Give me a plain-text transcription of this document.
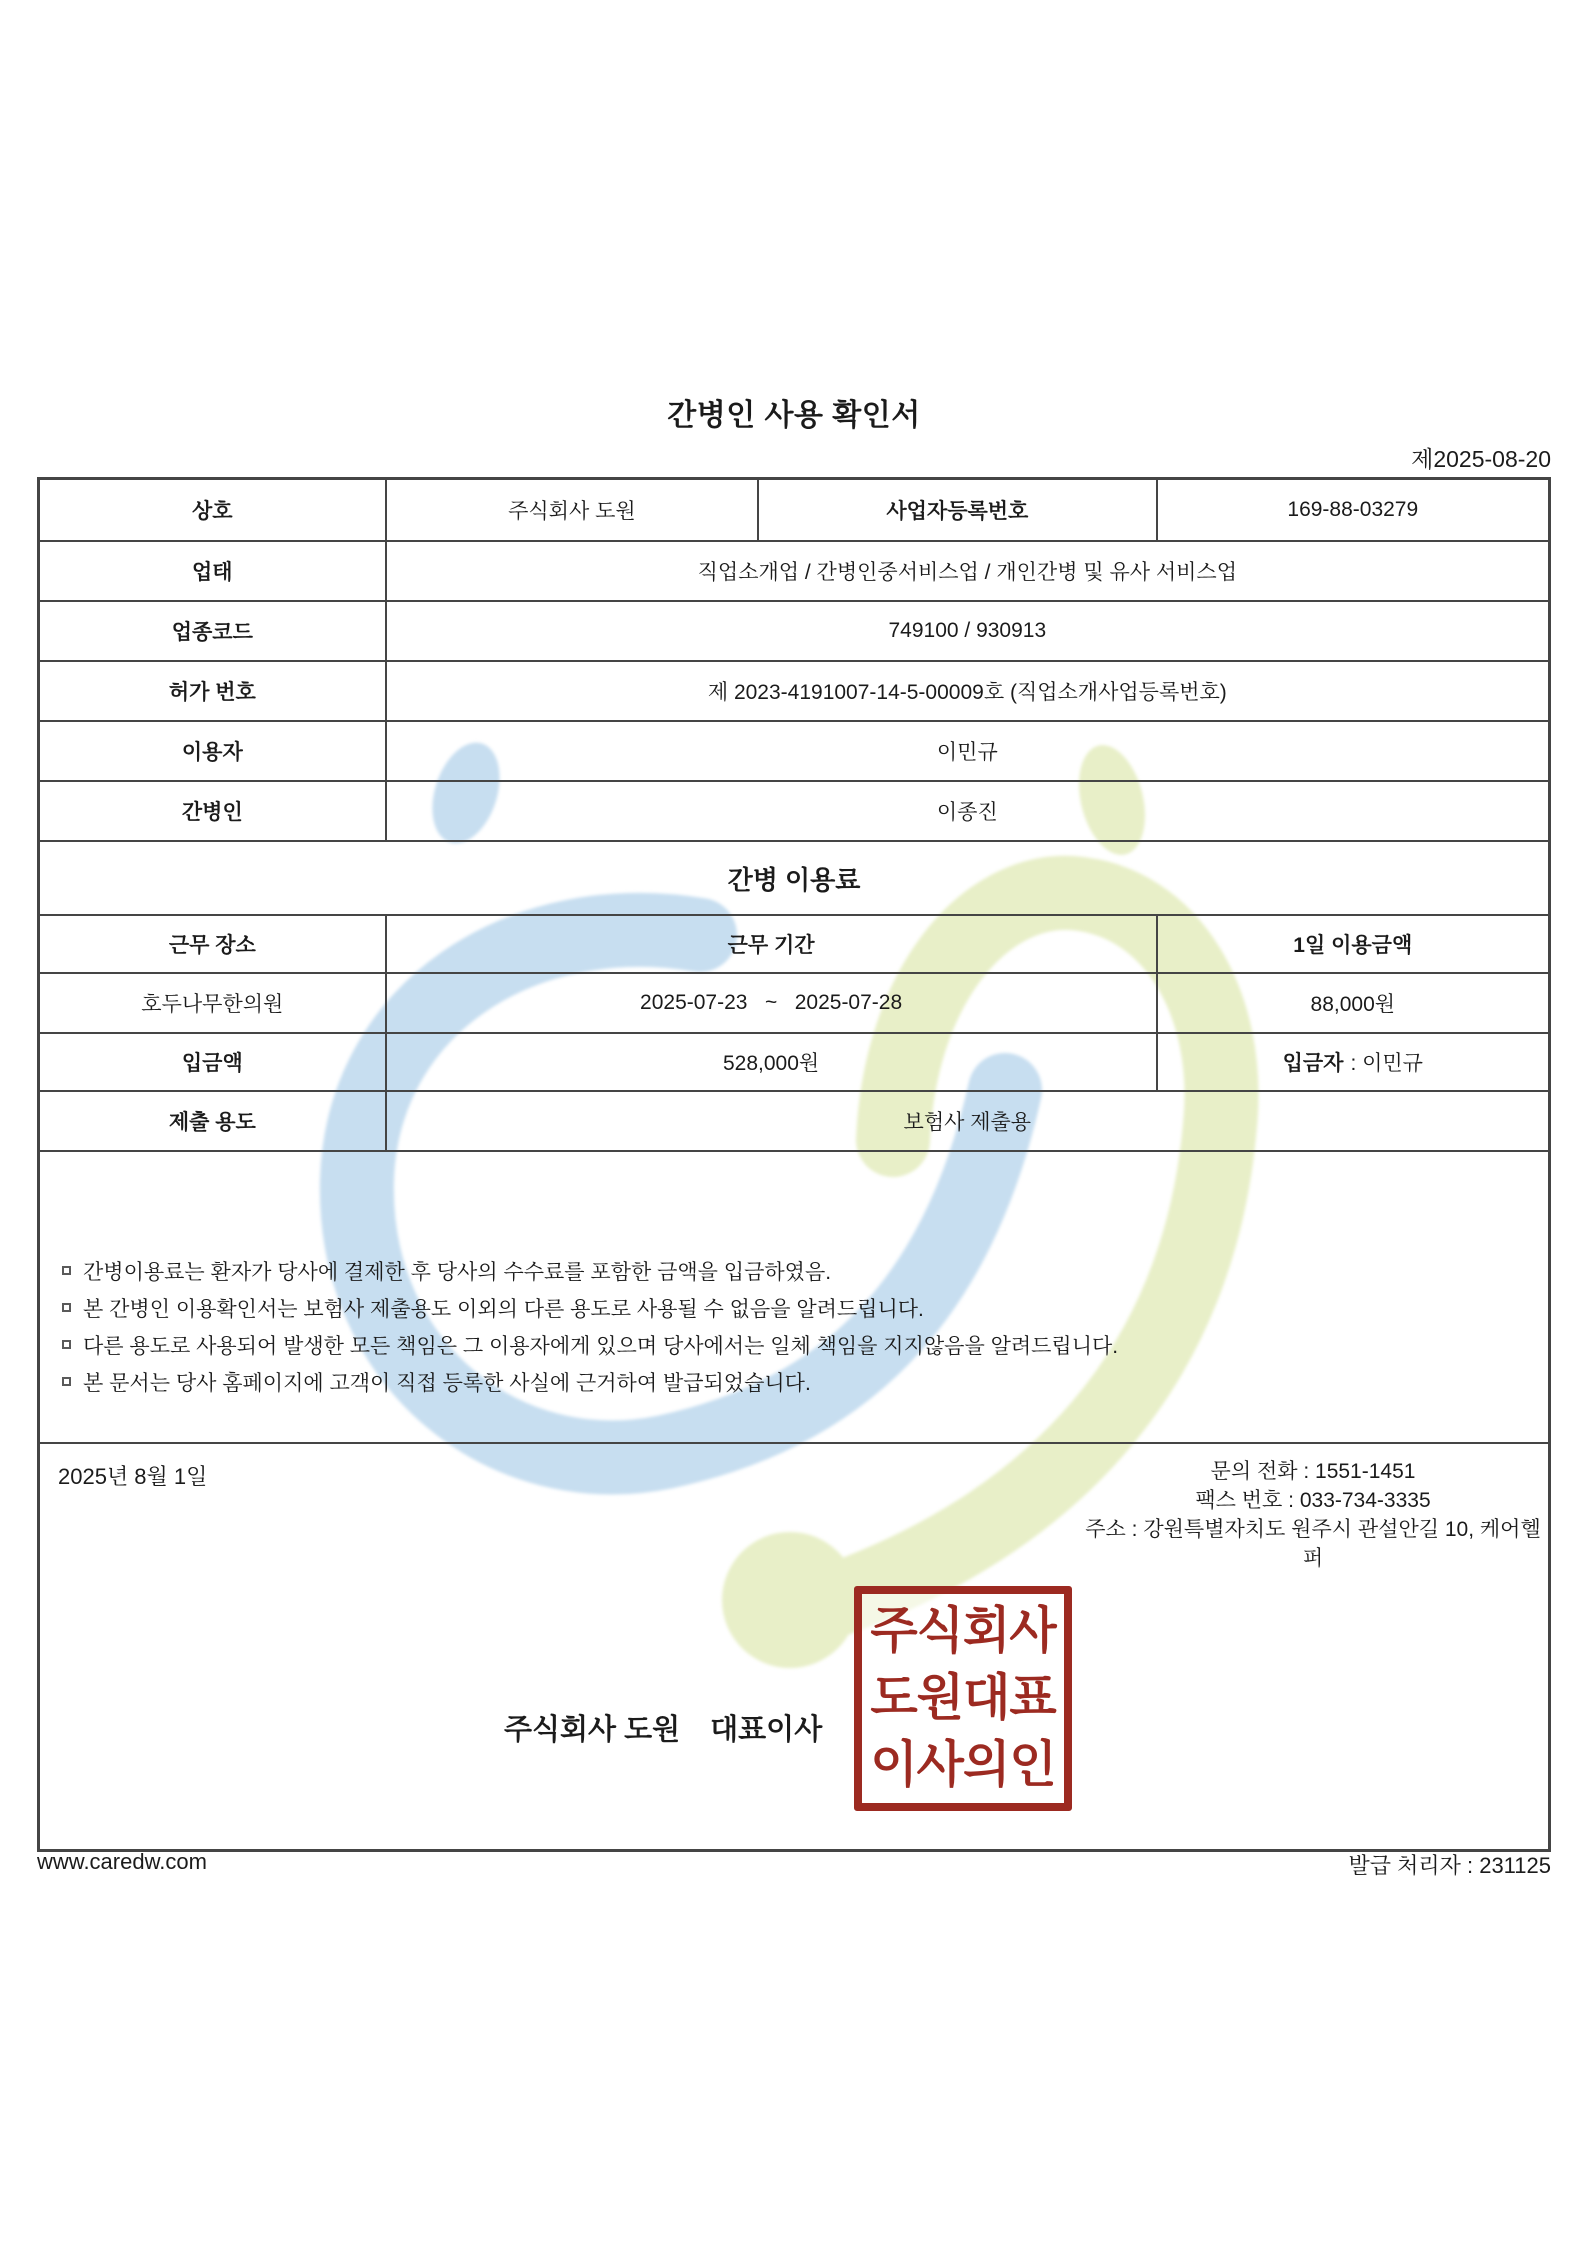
간병인 사용 확인서
제2025-08-20
상호	주식회사 도원	사업자등록번호	169-88-03279
업태	직업소개업 / 간병인중서비스업 / 개인간병 및 유사 서비스업
업종코드	749100 / 930913
허가 번호	제 2023-4191007-14-5-00009호 (직업소개사업등록번호)
이용자	이민규
간병인	이종진
간병 이용료
근무 장소	근무 기간	1일 이용금액
호두나무한의원	2025-07-23   ~   2025-07-28	88,000원
입금액	528,000원	입금자 : 이민규
제출 용도	보험사 제출용
간병이용료는 환자가 당사에 결제한 후 당사의 수수료를 포함한 금액을 입금하였음.
본 간병인 이용확인서는 보험사 제출용도 이외의 다른 용도로 사용될 수 없음을 알려드립니다.
다른 용도로 사용되어 발생한 모든 책임은 그 이용자에게 있으며 당사에서는 일체 책임을 지지않음을 알려드립니다.
본 문서는 당사 홈페이지에 고객이 직접 등록한 사실에 근거하여 발급되었습니다.
2025년 8월 1일	문의 전화 : 1551-1451
팩스 번호 : 033-734-3335
주소 : 강원특별자치도 원주시 관설안길 10, 케어헬퍼
주식회사 도원 대표이사
주식회사
도원대표
이사의인
www.caredw.com	발급 처리자 : 231125
